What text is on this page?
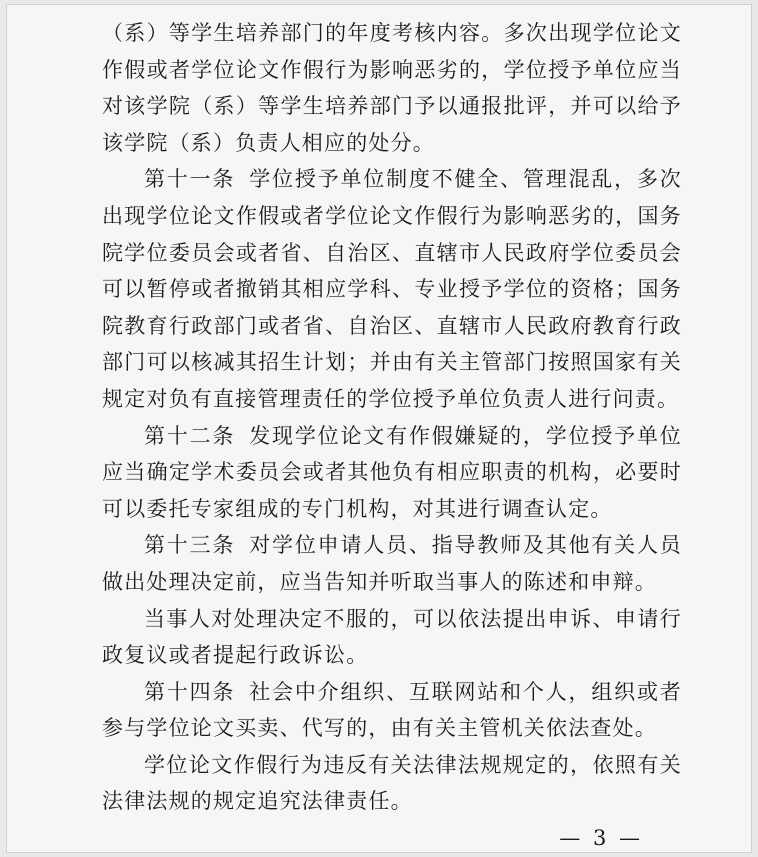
（系）等学生培养部门的年度考核内容。多次出现学位论文作假或者学位论文作假行为影响恶劣的，学位授予单位应当对该学院（系）等学生培养部门予以通报批评，并可以给予该学院（系）负责人相应的处分。

第十一条 学位授予单位制度不健全、管理混乱，多次出现学位论文作假或者学位论文作假行为影响恶劣的，国务院学位委员会或者省、自治区、直辖市人民政府学位委员会可以暂停或者撤销其相应学科、专业授予学位的资格；国务院教育行政部门或者省、自治区、直辖市人民政府教育行政部门可以核减其招生计划；并由有关主管部门按照国家有关规定对负有直接管理责任的学位授予单位负责人进行问责。

第十二条 发现学位论文有作假嫌疑的，学位授予单位应当确定学术委员会或者其他负有相应职责的机构，必要时可以委托专家组成的专门机构，对其进行调查认定。

第十三条 对学位申请人员、指导教师及其他有关人员做出处理决定前，应当告知并听取当事人的陈述和申辩。

当事人对处理决定不服的，可以依法提出申诉、申请行政复议或者提起行政诉讼。

第十四条 社会中介组织、互联网站和个人，组织或者参与学位论文买卖、代写的，由有关主管机关依法查处。

学位论文作假行为违反有关法律法规规定的，依照有关法律法规的规定追究法律责任。

— 3 —
